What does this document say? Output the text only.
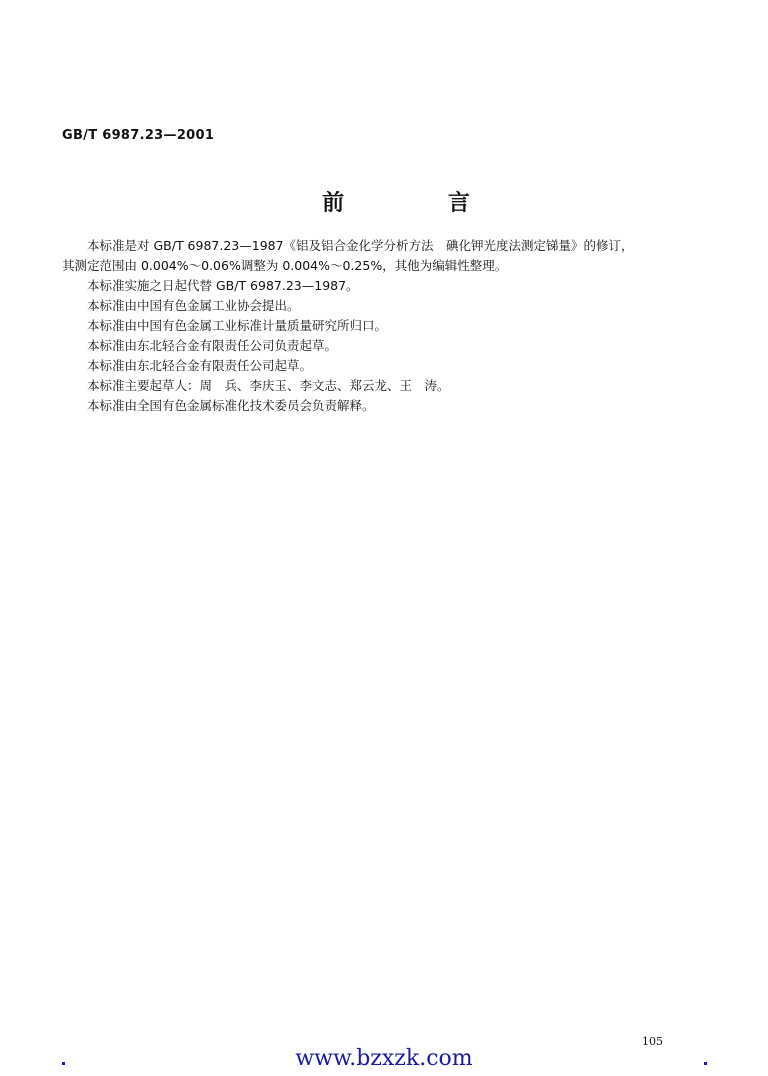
GB/T 6987.23—2001
前 言

本标准是对 GB/T 6987.23—1987《铝及铝合金化学分析方法　碘化钾光度法测定锑量》的修订，

其测定范围由 0.004%～0.06%调整为 0.004%～0.25%，其他为编辑性整理。

本标准实施之日起代替 GB/T 6987.23—1987。

本标准由中国有色金属工业协会提出。

本标准由中国有色金属工业标准计量质量研究所归口。

本标准由东北轻合金有限责任公司负责起草。

本标准由东北轻合金有限责任公司起草。

本标准主要起草人：周　兵、李庆玉、李文志、郑云龙、王　涛。

本标准由全国有色金属标准化技术委员会负责解释。

105
www.bzxzk.com
